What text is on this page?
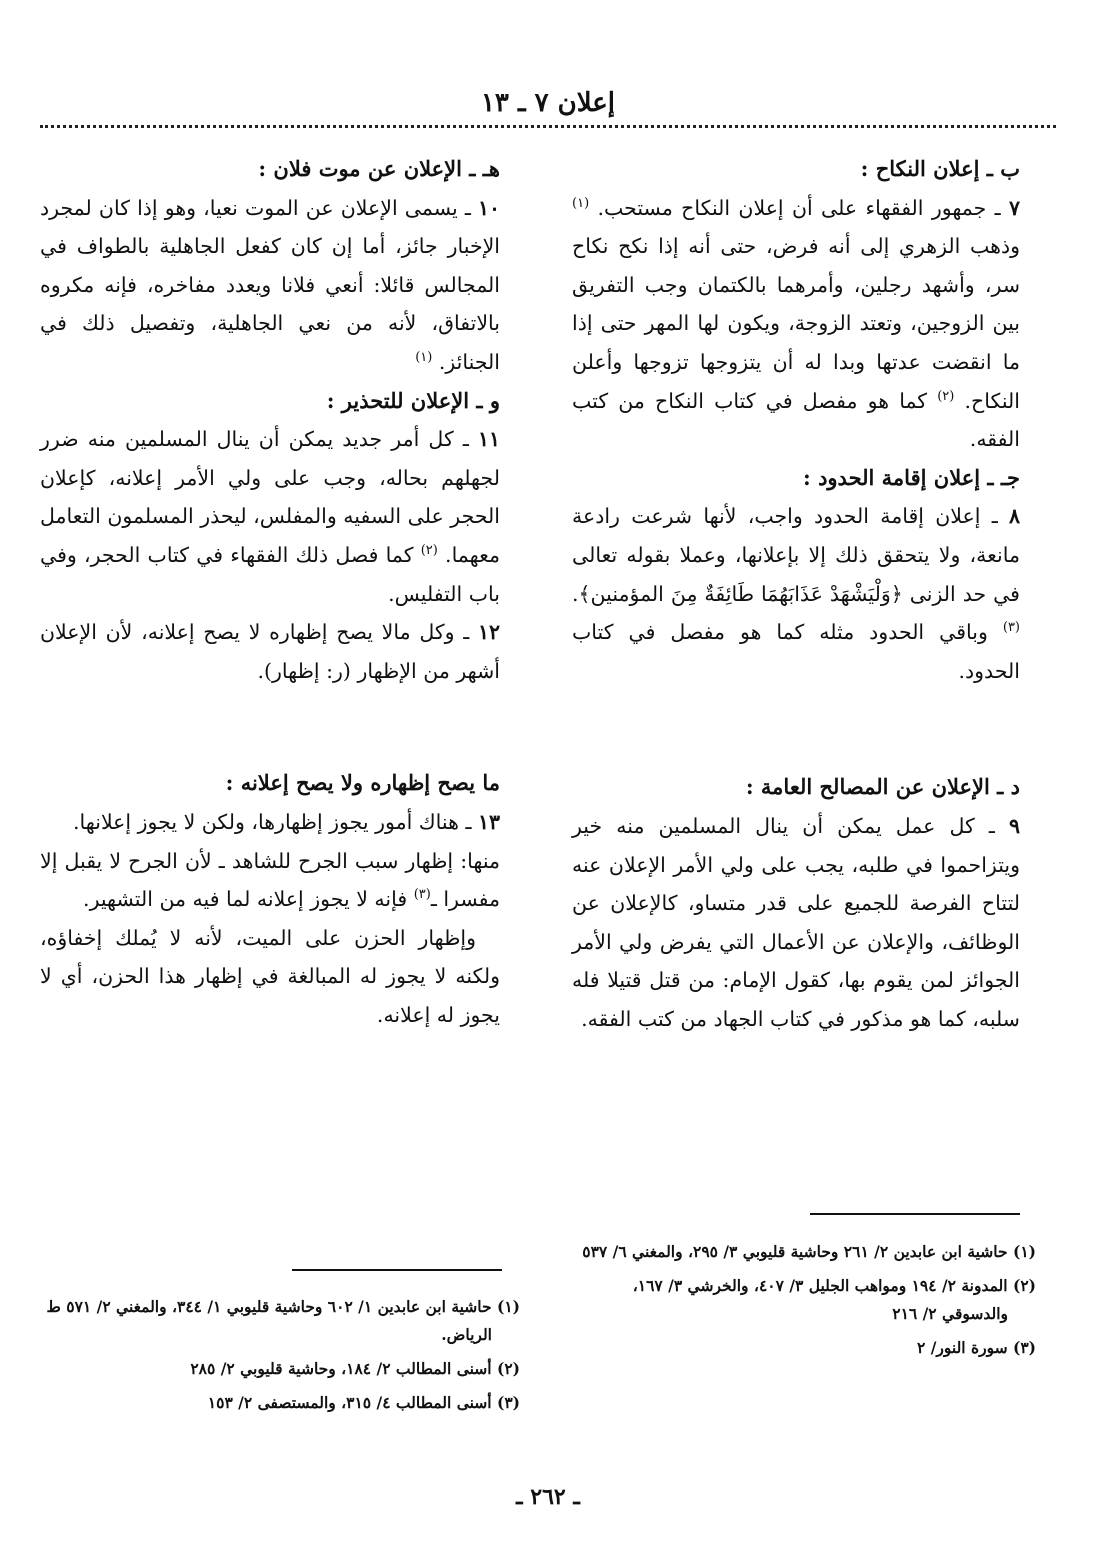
إعلان ٧ ـ ١٣
ب ـ إعلان النكاح :

٧ ـ جمهور الفقهاء على أن إعلان النكاح مستحب. $^{(١)}$ وذهب الزهري إلى أنه فرض، حتى أنه إذا نكح نكاح سر، وأشهد رجلين، وأمرهما بالكتمان وجب التفريق بين الزوجين، وتعتد الزوجة، ويكون لها المهر حتى إذا ما انقضت عدتها وبدا له أن يتزوجها تزوجها وأعلن النكاح. $^{(٢)}$ كما هو مفصل في كتاب النكاح من كتب الفقه.

جـ ـ إعلان إقامة الحدود :

٨ ـ إعلان إقامة الحدود واجب، لأنها شرعت رادعة مانعة، ولا يتحقق ذلك إلا بإعلانها، وعملا بقوله تعالى في حد الزنى ﴿وَلْيَشْهَدْ عَذَابَهُمَا طَائِفَةٌ مِنَ المؤمنين﴾. $^{(٣)}$ وباقي الحدود مثله كما هو مفصل في كتاب الحدود.

د ـ الإعلان عن المصالح العامة :

٩ ـ كل عمل يمكن أن ينال المسلمين منه خير ويتزاحموا في طلبه، يجب على ولي الأمر الإعلان عنه لتتاح الفرصة للجميع على قدر متساو، كالإعلان عن الوظائف، والإعلان عن الأعمال التي يفرض ولي الأمر الجوائز لمن يقوم بها، كقول الإمام: من قتل قتيلا فله سلبه، كما هو مذكور في كتاب الجهاد من كتب الفقه.

هـ ـ الإعلان عن موت فلان :

١٠ ـ يسمى الإعلان عن الموت نعيا، وهو إذا كان لمجرد الإخبار جائز، أما إن كان كفعل الجاهلية بالطواف في المجالس قائلا: أنعي فلانا ويعدد مفاخره، فإنه مكروه بالاتفاق، لأنه من نعي الجاهلية، وتفصيل ذلك في الجنائز. $^{(١)}$

و ـ الإعلان للتحذير :

١١ ـ كل أمر جديد يمكن أن ينال المسلمين منه ضرر لجهلهم بحاله، وجب على ولي الأمر إعلانه، كإعلان الحجر على السفيه والمفلس، ليحذر المسلمون التعامل معهما. $^{(٢)}$ كما فصل ذلك الفقهاء في كتاب الحجر، وفي باب التفليس.

١٢ ـ وكل مالا يصح إظهاره لا يصح إعلانه، لأن الإعلان أشهر من الإظهار (ر: إظهار).

ما يصح إظهاره ولا يصح إعلانه :

١٣ ـ هناك أمور يجوز إظهارها، ولكن لا يجوز إعلانها.

منها: إظهار سبب الجرح للشاهد ـ لأن الجرح لا يقبل إلا مفسرا ـ$^{(٣)}$ فإنه لا يجوز إعلانه لما فيه من التشهير.

وإظهار الحزن على الميت، لأنه لا يُملك إخفاؤه، ولكنه لا يجوز له المبالغة في إظهار هذا الحزن، أي لا يجوز له إعلانه.

(١) حاشية ابن عابدين ٢/ ٢٦١ وحاشية قليوبي ٣/ ٢٩٥، والمغني ٦/ ٥٣٧

(٢) المدونة ٢/ ١٩٤ ومواهب الجليل ٣/ ٤٠٧، والخرشي ٣/ ١٦٧، والدسوقي ٢/ ٢١٦

(٣) سورة النور/ ٢

(١) حاشية ابن عابدين ١/ ٦٠٢ وحاشية قليوبي ١/ ٣٤٤، والمغني ٢/ ٥٧١ ط الرياض.

(٢) أسنى المطالب ٢/ ١٨٤، وحاشية قليوبي ٢/ ٢٨٥

(٣) أسنى المطالب ٤/ ٣١٥، والمستصفى ٢/ ١٥٣

ـ ٢٦٢ ـ
